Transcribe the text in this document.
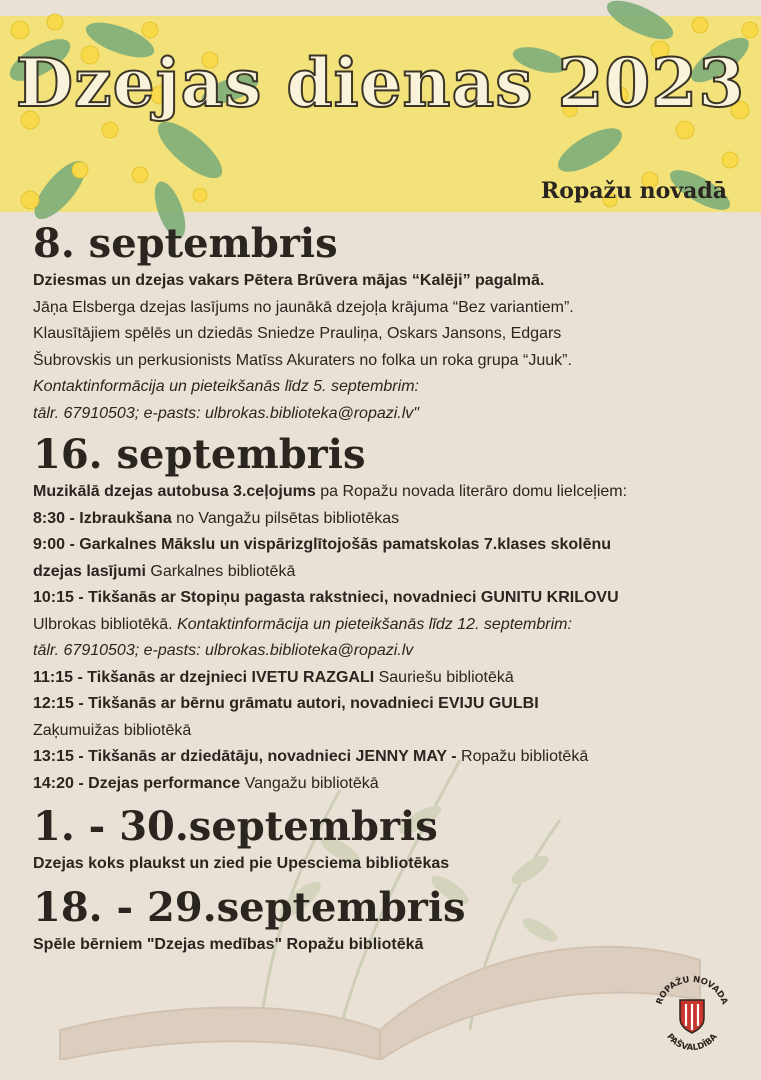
Dzejas dienas 2023
Ropažu novadā
8. septembris

Dziesmas un dzejas vakars Pētera Brūvera mājas “Kalēji” pagalmā.

Jāņa Elsberga dzejas lasījums no jaunākā dzejoļa krājuma “Bez variantiem”.

Klausītājiem spēlēs un dziedās Sniedze Prauliņa, Oskars Jansons, Edgars

Šubrovskis un perkusionists Matīss Akuraters no folka un roka grupa “Juuk”.

Kontaktinformācija un pieteikšanās līdz 5. septembrim:

tālr. 67910503; e-pasts: ulbrokas.biblioteka@ropazi.lv"

16. septembris

Muzikālā dzejas autobusa 3.ceļojums pa Ropažu novada literāro domu lielceļiem:

8:30 - Izbraukšana no Vangažu pilsētas bibliotēkas

9:00 - Garkalnes Mākslu un vispārizglītojošās pamatskolas 7.klases skolēnu

dzejas lasījumi Garkalnes bibliotēkā

10:15 - Tikšanās ar Stopiņu pagasta rakstnieci, novadnieci GUNITU KRILOVU

Ulbrokas bibliotēkā. Kontaktinformācija un pieteikšanās līdz 12. septembrim:

tālr. 67910503; e-pasts: ulbrokas.biblioteka@ropazi.lv

11:15 - Tikšanās ar dzejnieci IVETU RAZGALI Sauriešu bibliotēkā

12:15 - Tikšanās ar bērnu grāmatu autori, novadnieci EVIJU GULBI

Zaķumuižas bibliotēkā

13:15 - Tikšanās ar dziedātāju, novadnieci JENNY MAY - Ropažu bibliotēkā

14:20 - Dzejas performance Vangažu bibliotēkā

1. - 30.septembris

Dzejas koks plaukst un zied pie Upesciema bibliotēkas

18. - 29.septembris

Spēle bērniem "Dzejas medības" Ropažu bibliotēkā

ROPAŽU NOVADA
PAŠVALDĪBA
